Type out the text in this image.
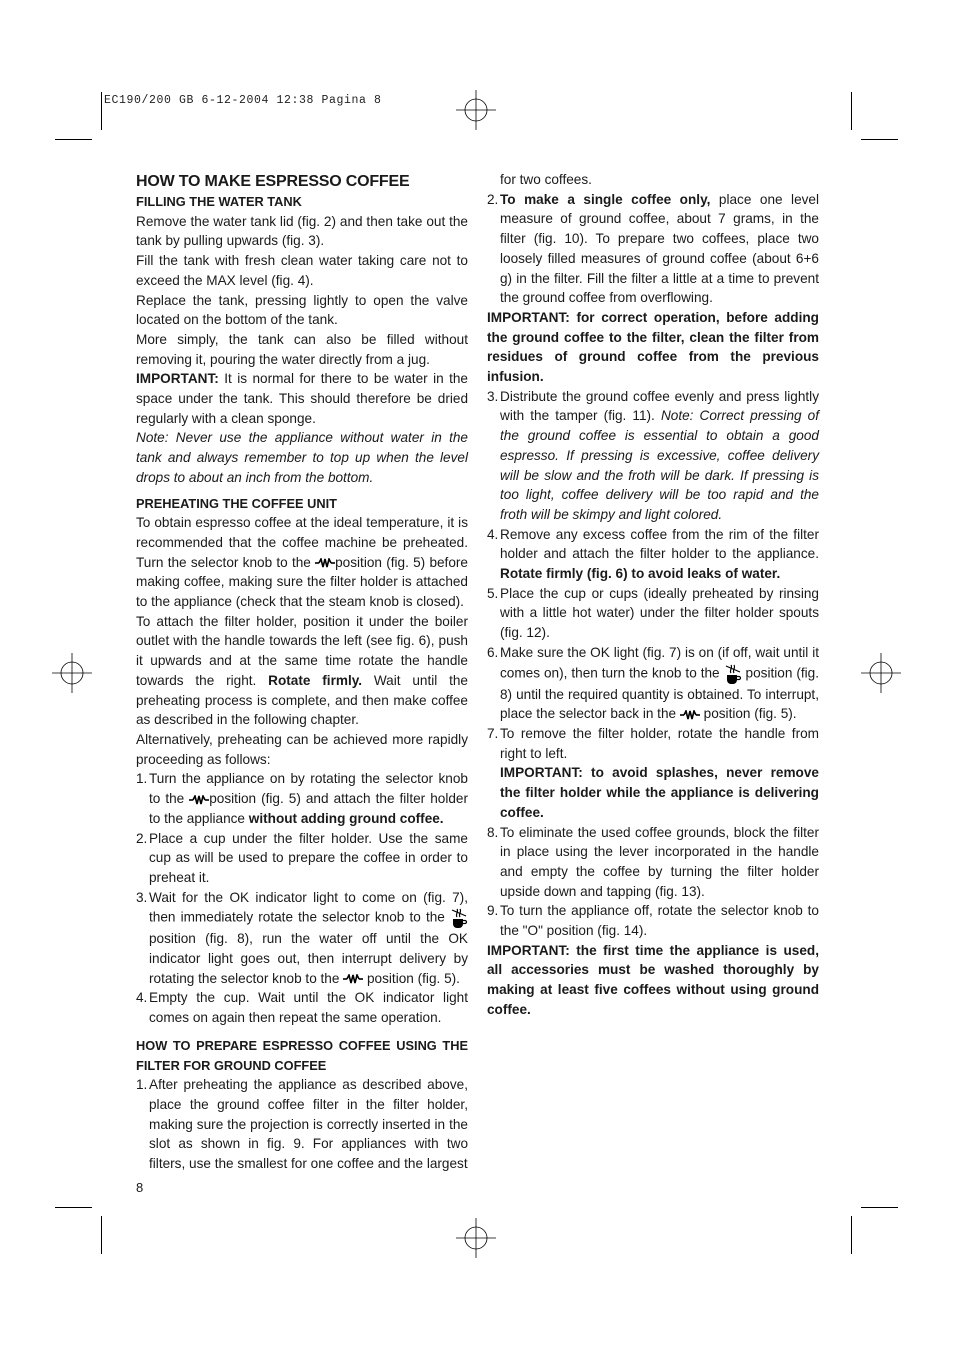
EC190/200 GB 6-12-2004 12:38 Pagina 8

HOW TO MAKE ESPRESSO COFFEE

FILLING THE WATER TANK

Remove the water tank lid (fig. 2) and then take out the tank by pulling upwards (fig. 3).

Fill the tank with fresh clean water taking care not to exceed the MAX level (fig. 4).

Replace the tank, pressing lightly to open the valve located on the bottom of the tank.

More simply, the tank can also be filled without removing it, pouring the water directly from a jug.

IMPORTANT: It is normal for there to be water in the space under the tank. This should therefore be dried regularly with a clean sponge.

Note: Never use the appliance without water in the tank and always remember to top up when the level drops to about an inch from the bottom.

PREHEATING THE COFFEE UNIT

To obtain espresso coffee at the ideal temperature, it is recommended that the coffee machine be preheated. Turn the selector knob to the position (fig. 5) before making coffee, making sure the filter holder is attached to the appliance (check that the steam knob is closed).

To attach the filter holder, position it under the boiler outlet with the handle towards the left (see fig. 6), push it upwards and at the same time rotate the handle towards the right. Rotate firmly. Wait until the preheating process is complete, and then make coffee as described in the following chapter.

Alternatively, preheating can be achieved more rapidly proceeding as follows:

1. Turn the appliance on by rotating the selector knob to the position (fig. 5) and attach the filter holder to the appliance without adding ground coffee.
2. Place a cup under the filter holder. Use the same cup as will be used to prepare the coffee in order to preheat it.
3. Wait for the OK indicator light to come on (fig. 7), then immediately rotate the selector knob to the  position (fig. 8), run the water off until the OK indicator light goes out, then interrupt delivery by rotating the selector knob to the  position (fig. 5).
4. Empty the cup. Wait until the OK indicator light comes on again then repeat the same operation.

HOW TO PREPARE ESPRESSO COFFEE USING THE FILTER FOR GROUND COFFEE

1. After preheating the appliance as described above, place the ground coffee filter in the filter holder, making sure the projection is correctly inserted in the slot as shown in fig. 9. For appliances with two filters, use the smallest for one coffee and the largest

for two coffees.

2. To make a single coffee only, place one level measure of ground coffee, about 7 grams, in the filter (fig. 10). To prepare two coffees, place two loosely filled measures of ground coffee (about 6+6 g) in the filter. Fill the filter a little at a time to prevent the ground coffee from overflowing.

IMPORTANT: for correct operation, before adding the ground coffee to the filter, clean the filter from residues of ground coffee from the previous infusion.

3. Distribute the ground coffee evenly and press lightly with the tamper (fig. 11). Note: Correct pressing of the ground coffee is essential to obtain a good espresso. If pressing is excessive, coffee delivery will be slow and the froth will be dark. If pressing is too light, coffee delivery will be too rapid and the froth will be skimpy and light colored.
4. Remove any excess coffee from the rim of the filter holder and attach the filter holder to the appliance. Rotate firmly (fig. 6) to avoid leaks of water.
5. Place the cup or cups (ideally preheated by rinsing with a little hot water) under the filter holder spouts (fig. 12).
6. Make sure the OK light (fig. 7) is on (if off, wait until it comes on), then turn the knob to the  position (fig. 8) until the required quantity is obtained. To interrupt, place the selector back in the  position (fig. 5).
7. To remove the filter holder, rotate the handle from right to left.

IMPORTANT: to avoid splashes, never remove the filter holder while the appliance is delivering coffee.

8. To eliminate the used coffee grounds, block the filter in place using the lever incorporated in the handle and empty the coffee by turning the filter holder upside down and tapping (fig. 13).
9. To turn the appliance off, rotate the selector knob to the "O" position (fig. 14).

IMPORTANT: the first time the appliance is used, all accessories must be washed thoroughly by making at least five coffees without using ground coffee.

8
